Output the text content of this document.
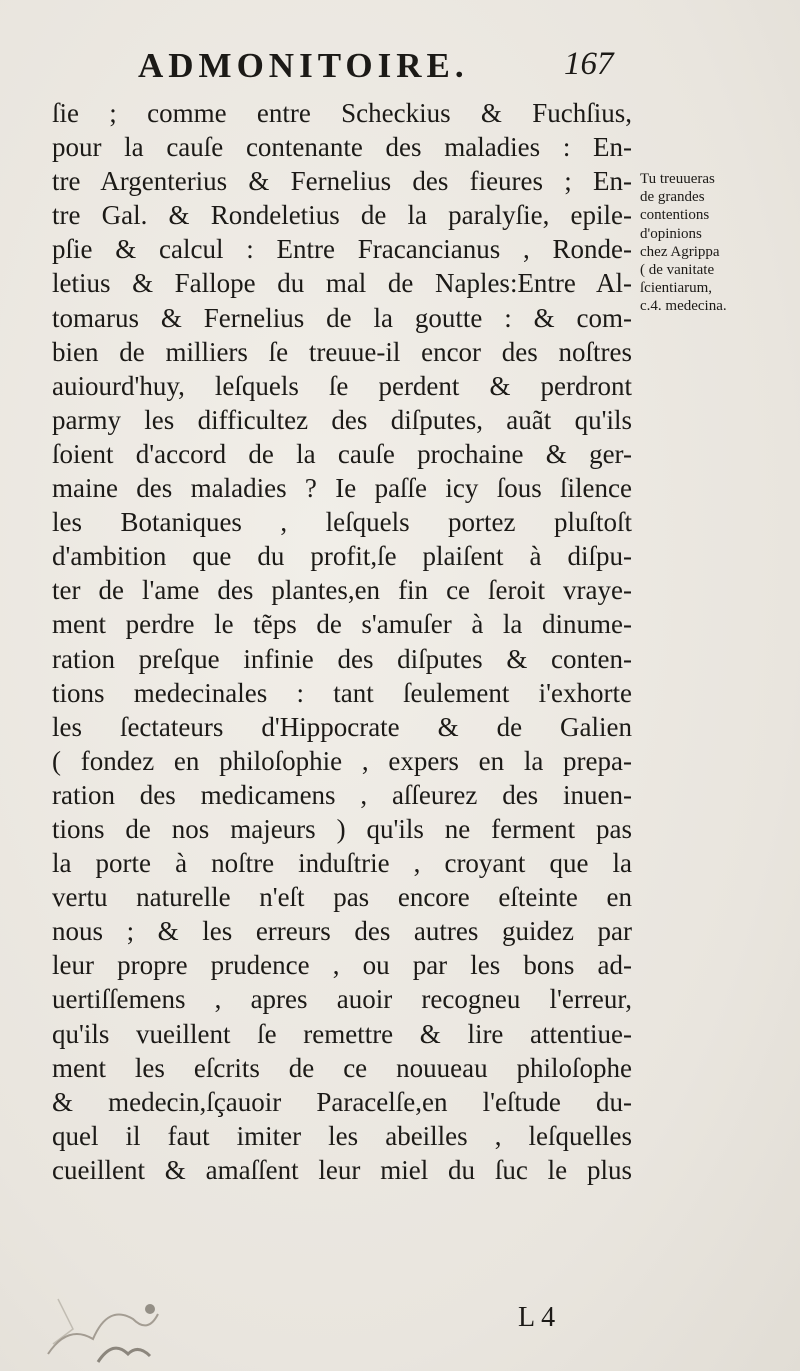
ADMONITOIRE.	167
ſie ; comme entre Scheckius & Fuchſius,
pour la cauſe contenante des maladies : En-
tre Argenterius & Fernelius des fieures ; En-
tre Gal. & Rondeletius de la paralyſie, epile-
pſie & calcul : Entre Fracancianus , Ronde-
letius & Fallope du mal de Naples:Entre Al-
tomarus & Fernelius de la goutte : & com-
bien de milliers ſe treuue-il encor des noſtres
auiourd'huy, leſquels ſe perdent & perdront
parmy les difficultez des diſputes, auãt qu'ils
ſoient d'accord de la cauſe prochaine & ger-
maine des maladies ? Ie paſſe icy ſous ſilence
les Botaniques , leſquels portez pluſtoſt
d'ambition que du profit,ſe plaiſent à diſpu-
ter de l'ame des plantes,en fin ce ſeroit vraye-
ment perdre le tẽps de s'amuſer à la dinume-
ration preſque infinie des diſputes & conten-
tions medecinales : tant ſeulement i'exhorte
les ſectateurs d'Hippocrate & de Galien
( fondez en philoſophie , expers en la prepa-
ration des medicamens , aſſeurez des inuen-
tions de nos majeurs ) qu'ils ne ferment pas
la porte à noſtre induſtrie , croyant que la
vertu naturelle n'eſt pas encore eſteinte en
nous ; & les erreurs des autres guidez par
leur propre prudence , ou par les bons ad-
uertiſſemens , apres auoir recogneu l'erreur,
qu'ils vueillent ſe remettre & lire attentiue-
ment les eſcrits de ce nouueau philoſophe
& medecin,ſçauoir Paracelſe,en l'eſtude du-
quel il faut imiter les abeilles , leſquelles
cueillent & amaſſent leur miel du ſuc le plus
Tu treuueras
de grandes
contentions
d'opinions
chez Agrippa
( de vanitate
ſcientiarum,
c.4. medecina.
L 4
